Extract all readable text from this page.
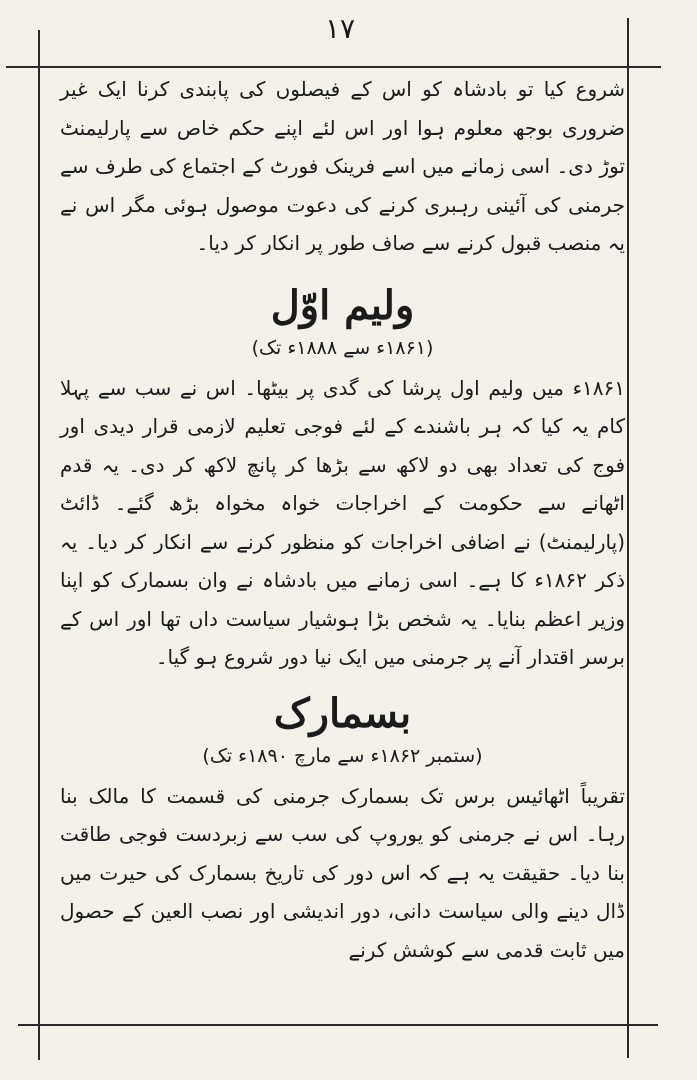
١٧

شروع کیا تو بادشاہ کو اس کے فیصلوں کی پابندی کرنا ایک غیر ضروری بوجھ معلوم ہوا اور اس لئے اپنے حکم خاص سے پارلیمنٹ توڑ دی۔ اسی زمانے میں اسے فرینک فورٹ کے اجتماع کی طرف سے جرمنی کی آئینی رہبری کرنے کی دعوت موصول ہوئی مگر اس نے یہ منصب قبول کرنے سے صاف طور پر انکار کر دیا۔

ولیم اوّل
(۱۸۶۱ء سے ۱۸۸۸ء تک)

۱۸۶۱ء میں ولیم اول پرشا کی گدی پر بیٹھا۔ اس نے سب سے پہلا کام یہ کیا کہ ہر باشندے کے لئے فوجی تعلیم لازمی قرار دیدی اور فوج کی تعداد بھی دو لاکھ سے بڑھا کر پانچ لاکھ کر دی۔ یہ قدم اٹھانے سے حکومت کے اخراجات خواہ مخواہ بڑھ گئے۔ ڈائٹ (پارلیمنٹ) نے اضافی اخراجات کو منظور کرنے سے انکار کر دیا۔ یہ ذکر ۱۸۶۲ء کا ہے۔ اسی زمانے میں بادشاہ نے وان بسمارک کو اپنا وزیر اعظم بنایا۔ یہ شخص بڑا ہوشیار سیاست داں تھا اور اس کے برسر اقتدار آنے پر جرمنی میں ایک نیا دور شروع ہو گیا۔

بسمارک
(ستمبر ۱۸۶۲ء سے مارچ ۱۸۹۰ء تک)

تقریباً اٹھائیس برس تک بسمارک جرمنی کی قسمت کا مالک بنا رہا۔ اس نے جرمنی کو یوروپ کی سب سے زبردست فوجی طاقت بنا دیا۔ حقیقت یہ ہے کہ اس دور کی تاریخ بسمارک کی حیرت میں ڈال دینے والی سیاست دانی، دور اندیشی اور نصب العین کے حصول میں ثابت قدمی سے کوشش کرنے
